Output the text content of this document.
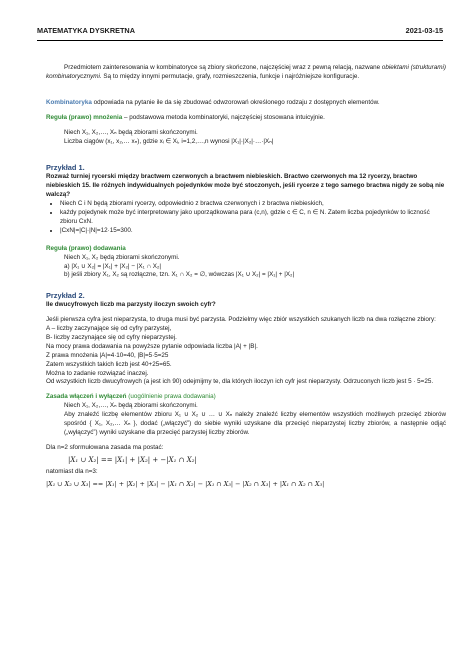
MATEMATYKA DYSKRETNA	2021-03-15

Przedmiotem zainteresowania w kombinatoryce są zbiory skończone, najczęściej wraz z pewną relacją, nazwane obiektami (strukturami) kombinatorycznymi. Są to między innymi permutacje, grafy, rozmieszczenia, funkcje i najróżniejsze konfiguracje.

Kombinatoryka odpowiada na pytanie ile da się zbudować odwzorowań określonego rodzaju z dostępnych elementów.

Reguła (prawo) mnożenia – podstawowa metoda kombinatoryki, najczęściej stosowana intuicyjnie.

Niech X₁, X₂,…, Xₙ będą zbiorami skończonymi.

Liczba ciągów (x₁, x₂,… xₙ), gdzie xᵢ ∈ Xᵢ, i=1,2,…,n wynosi |X₁|·|X₂|·…·|Xₙ|

Przykład 1.

Rozważ turniej rycerski między bractwem czerwonych a bractwem niebieskich. Bractwo czerwonych ma 12 rycerzy, bractwo niebieskich 15. Ile różnych indywidualnych pojedynków może być stoczonych, jeśli rycerze z tego samego bractwa nigdy ze sobą nie walczą?

• Niech C i N będą zbiorami rycerzy, odpowiednio z bractwa czerwonych i z bractwa niebieskich,
• każdy pojedynek może być interpretowany jako uporządkowana para (c,n), gdzie c ∈ C, n ∈ N. Zatem liczba pojedynków to liczność zbioru CxN.
• |CxN|=|C|·|N|=12·15=300.

Reguła (prawo) dodawania

Niech X₁, X₂ będą zbiorami skończonymi.

a) |X₁ ∪ X₂| = |X₁| + |X₂| − |X₁ ∩ X₂|

b) jeśli zbiory X₁, X₂ są rozłączne, tzn. X₁ ∩ X₂ = ∅, wówczas |X₁ ∪ X₂| = |X₁| + |X₂|

Przykład 2.

Ile dwucyfrowych liczb ma parzysty iloczyn swoich cyfr?

Jeśli pierwsza cyfra jest nieparzysta, to druga musi być parzysta. Podzielmy więc zbiór wszystkich szukanych liczb na dwa rozłączne zbiory:

A – liczby zaczynające się od cyfry parzystej,

B- liczby zaczynające się od cyfry nieparzystej.

Na mocy prawa dodawania na powyższe pytanie odpowiada liczba |A| + |B|.

Z prawa mnożenia |A|=4·10=40, |B|=5·5=25

Zatem wszystkich takich liczb jest 40+25=65.

Można to zadanie rozwiązać inaczej.

Od wszystkich liczb dwucyfrowych (a jest ich 90) odejmijmy te, dla których iloczyn ich cyfr jest nieparzysty. Odrzuconych liczb jest 5 · 5=25.

Zasada włączeń i wyłączeń (uogólnienie prawa dodawania)

Niech X₁, X₂,…, Xₙ będą zbiorami skończonymi.

Aby znaleźć liczbę elementów zbioru X₁ ∪ X₂ ∪ … ∪ Xₙ należy znaleźć liczby elementów wszystkich możliwych przecięć zbiorów spośród { X₁, X₂,… Xₙ }, dodać („włączyć”) do siebie wyniki uzyskane dla przecięć nieparzystej liczby zbiorów, a następnie odjąć („wyłączyć”) wyniki uzyskane dla przecięć parzystej liczby zbiorów.

Dla n=2 sformułowana zasada ma postać:

|X₁ ∪ X₂| == |X₁| + |X₂| + −|X₁ ∩ X₂|

natomiast dla n=3:

|X₁ ∪ X₂ ∪ X₃| == |X₁| + |X₂| + |X₃| − |X₁ ∩ X₂| − |X₁ ∩ X₃| − |X₂ ∩ X₃| + |X₁ ∩ X₂ ∩ X₃|
